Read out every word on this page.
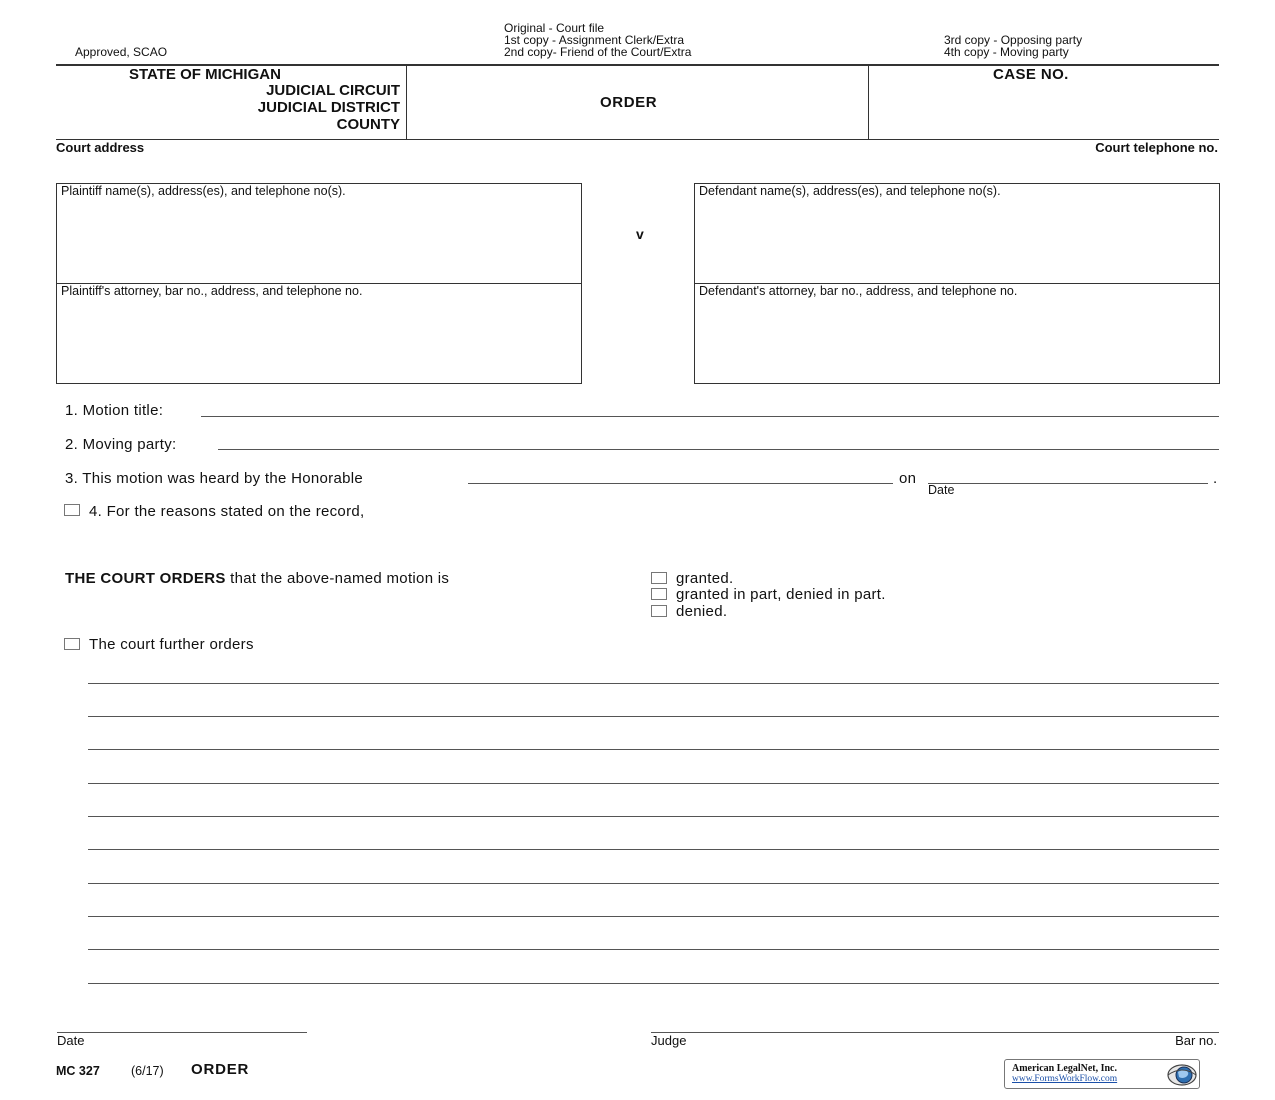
Approved, SCAO
Original - Court file
1st copy - Assignment Clerk/Extra
2nd copy- Friend of the Court/Extra
3rd copy - Opposing party
4th copy - Moving party
STATE OF MICHIGAN
JUDICIAL CIRCUIT
JUDICIAL DISTRICT
COUNTY
ORDER
CASE NO.
Court address	Court telephone no.
Plaintiff name(s), address(es), and telephone no(s).
Plaintiff's attorney, bar no., address, and telephone no.
v
Defendant name(s), address(es), and telephone no(s).
Defendant's attorney, bar no., address, and telephone no.
1. Motion title:
2. Moving party:
3. This motion was heard by the Honorable	on
Date
.
4. For the reasons stated on the record,
THE COURT ORDERS that the above-named motion is	granted.
granted in part, denied in part.
denied.
The court further orders
Date	Judge	Bar no.
MC 327 (6/17) ORDER	American LegalNet, Inc.
www.FormsWorkFlow.com
